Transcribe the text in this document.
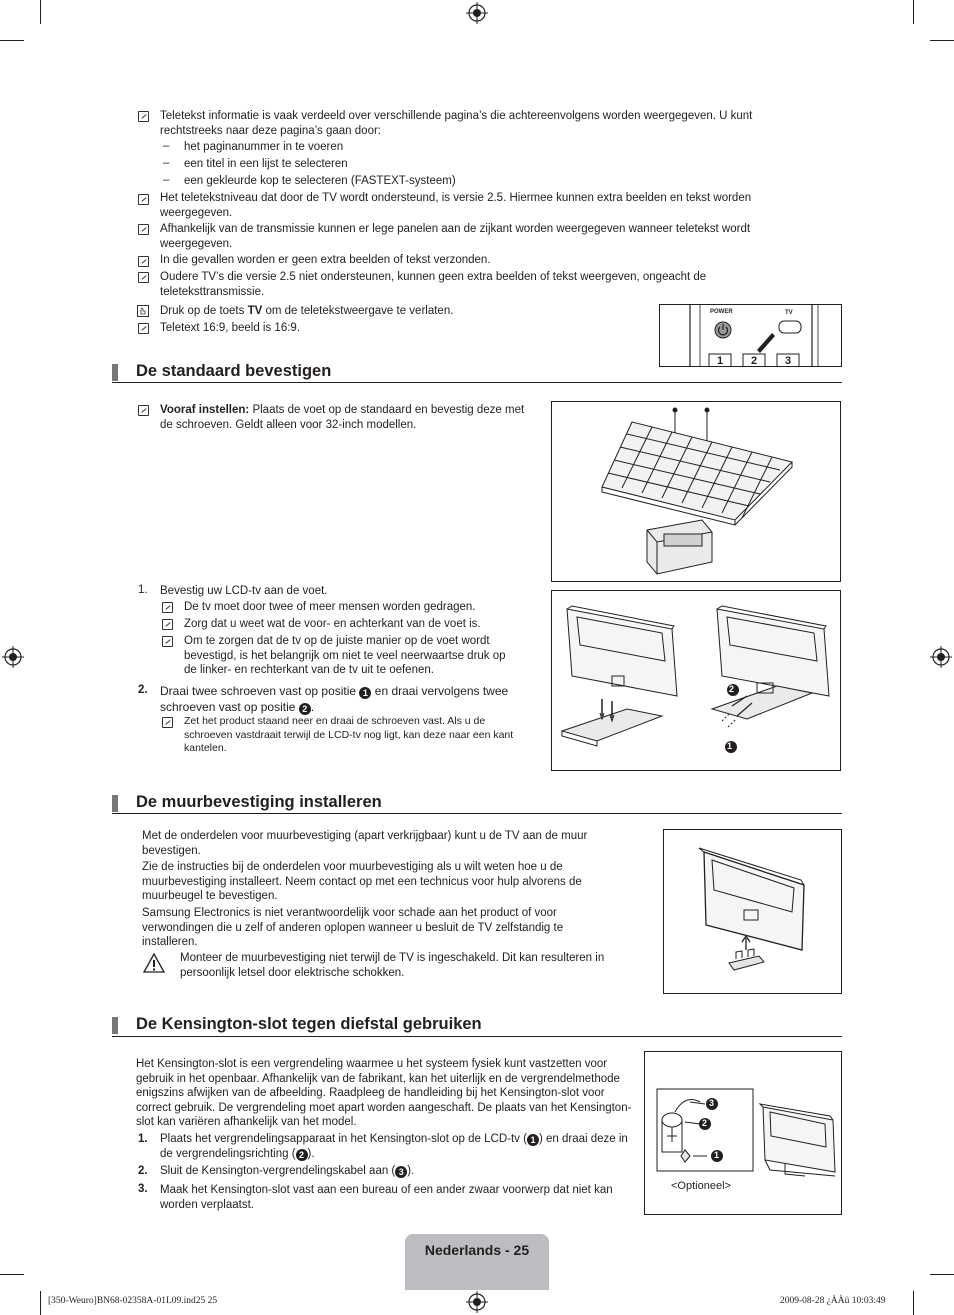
Teletekst informatie is vaak verdeeld over verschillende pagina’s die achtereenvolgens worden weergegeven. U kunt rechtstreeks naar deze pagina’s gaan door:
– het paginanummer in te voeren
– een titel in een lijst te selecteren
– een gekleurde kop te selecteren (FASTEXT-systeem)
Het teletekstniveau dat door de TV wordt ondersteund, is versie 2.5. Hiermee kunnen extra beelden en tekst worden weergegeven.
Afhankelijk van de transmissie kunnen er lege panelen aan de zijkant worden weergegeven wanneer teletekst wordt weergegeven.
In die gevallen worden er geen extra beelden of tekst verzonden.
Oudere TV’s die versie 2.5 niet ondersteunen, kunnen geen extra beelden of tekst weergeven, ongeacht de teleteksttransmissie.
Druk op de toets TV om de teletekstweergave te verlaten.
Teletext 16:9, beeld is 16:9.
POWER	TV
1	2	3
De standaard bevestigen
Vooraf instellen: Plaats de voet op de standaard en bevestig deze met de schroeven. Geldt alleen voor 32-inch modellen.
1. Bevestig uw LCD-tv aan de voet.
De tv moet door twee of meer mensen worden gedragen.
Zorg dat u weet wat de voor- en achterkant van de voet is.
Om te zorgen dat de tv op de juiste manier op de voet wordt bevestigd, is het belangrijk om niet te veel neerwaartse druk op de linker- en rechterkant van de tv uit te oefenen.
2. Draai twee schroeven vast op positie 1 en draai vervolgens twee schroeven vast op positie 2 .
Zet het product staand neer en draai de schroeven vast. Als u de schroeven vastdraait terwijl de LCD-tv nog ligt, kan deze naar een kant kantelen.
2
1
De muurbevestiging installeren
Met de onderdelen voor muurbevestiging (apart verkrijgbaar) kunt u de TV aan de muur bevestigen.
Zie de instructies bij de onderdelen voor muurbevestiging als u wilt weten hoe u de muurbevestiging installeert. Neem contact op met een technicus voor hulp alvorens de muurbeugel te bevestigen.
Samsung Electronics is niet verantwoordelijk voor schade aan het product of voor verwondingen die u zelf of anderen oplopen wanneer u besluit de TV zelfstandig te installeren.
Monteer de muurbevestiging niet terwijl de TV is ingeschakeld. Dit kan resulteren in persoonlijk letsel door elektrische schokken.
De Kensington-slot tegen diefstal gebruiken
Het Kensington-slot is een vergrendeling waarmee u het systeem fysiek kunt vastzetten voor gebruik in het openbaar. Afhankelijk van de fabrikant, kan het uiterlijk en de vergrendelmethode enigszins afwijken van de afbeelding. Raadpleeg de handleiding bij het Kensington-slot voor correct gebruik. De vergrendeling moet apart worden aangeschaft. De plaats van het Kensington-slot kan variëren afhankelijk van het model.
1. Plaats het vergrendelingsapparaat in het Kensington-slot op de LCD-tv ( 1 ) en draai deze in de vergrendelingsrichting ( 2 ).
2. Sluit de Kensington-vergrendelingskabel aan ( 3 ).
3. Maak het Kensington-slot vast aan een bureau of een ander zwaar voorwerp dat niet kan worden verplaatst.
3
2
1
<Optioneel>
Nederlands - 25
[350-Weuro]BN68-02358A-01L09.ind25 25	2009-08-28 ¿ÀÀü 10:03:49
